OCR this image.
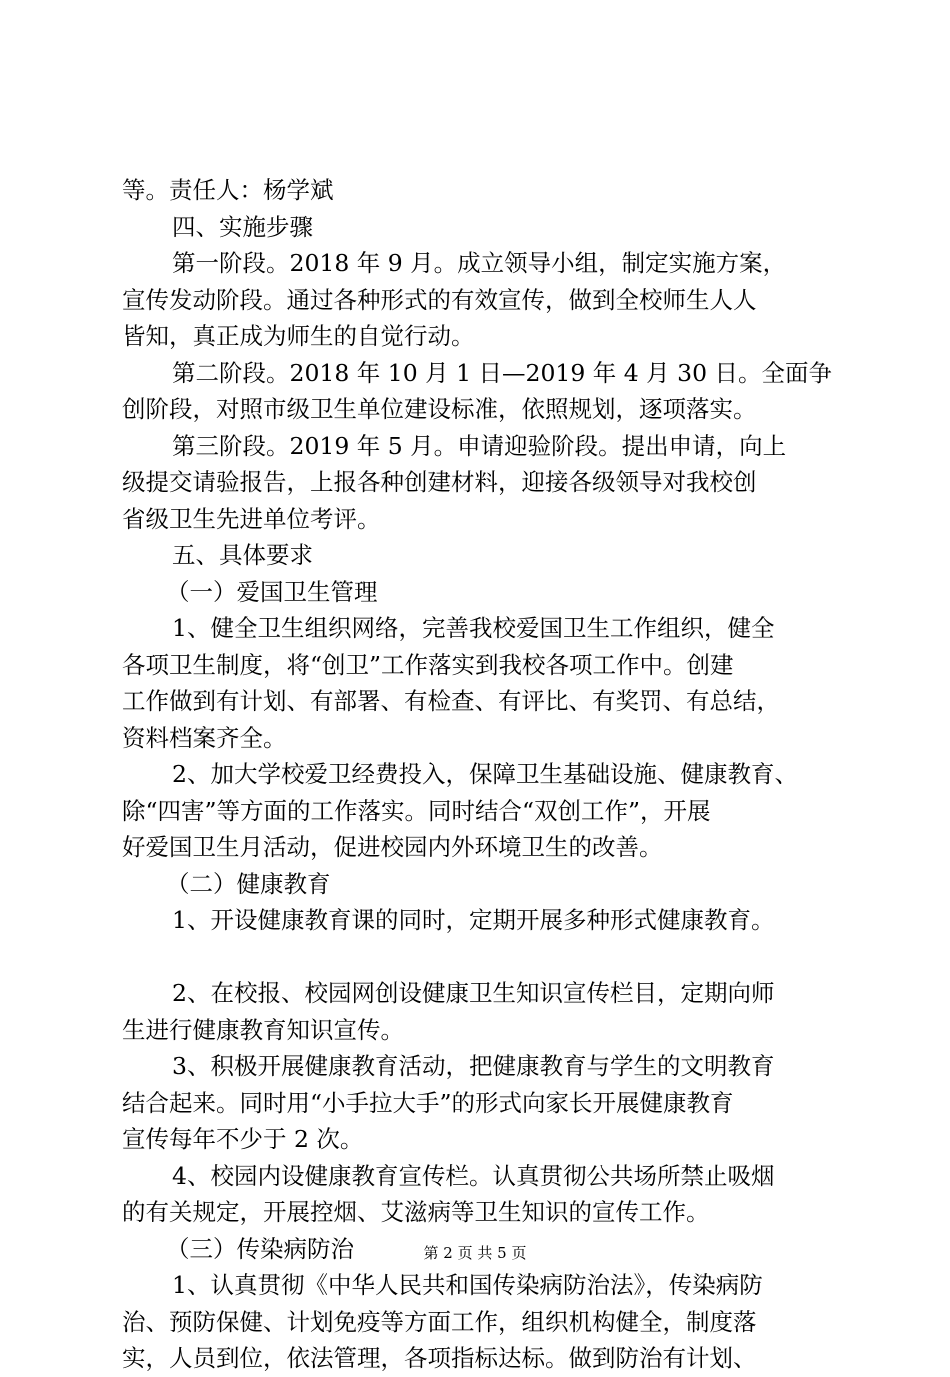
等。责任人：杨学斌
四、实施步骤
第一阶段。2018 年 9 月。成立领导小组，制定实施方案，
宣传发动阶段。通过各种形式的有效宣传，做到全校师生人人
皆知，真正成为师生的自觉行动。
第二阶段。2018 年 10 月 1 日—2019 年 4 月 30 日。全面争
创阶段，对照市级卫生单位建设标准，依照规划，逐项落实。
第三阶段。2019 年 5 月。申请迎验阶段。提出申请，向上
级提交请验报告，上报各种创建材料，迎接各级领导对我校创
省级卫生先进单位考评。
五、具体要求
（一）爱国卫生管理
1、健全卫生组织网络，完善我校爱国卫生工作组织，健全
各项卫生制度，将“创卫”工作落实到我校各项工作中。创建
工作做到有计划、有部署、有检查、有评比、有奖罚、有总结，
资料档案齐全。
2、加大学校爱卫经费投入，保障卫生基础设施、健康教育、
除“四害”等方面的工作落实。同时结合“双创工作”，开展
好爱国卫生月活动，促进校园内外环境卫生的改善。
（二）健康教育
1、开设健康教育课的同时，定期开展多种形式健康教育。
2、在校报、校园网创设健康卫生知识宣传栏目，定期向师
生进行健康教育知识宣传。
3、积极开展健康教育活动，把健康教育与学生的文明教育
结合起来。同时用“小手拉大手”的形式向家长开展健康教育
宣传每年不少于 2 次。
4、校园内设健康教育宣传栏。认真贯彻公共场所禁止吸烟
的有关规定，开展控烟、艾滋病等卫生知识的宣传工作。
（三）传染病防治
1、认真贯彻《中华人民共和国传染病防治法》，传染病防
治、预防保健、计划免疫等方面工作，组织机构健全，制度落
实，人员到位，依法管理，各项指标达标。做到防治有计划、
第 2 页 共 5 页
